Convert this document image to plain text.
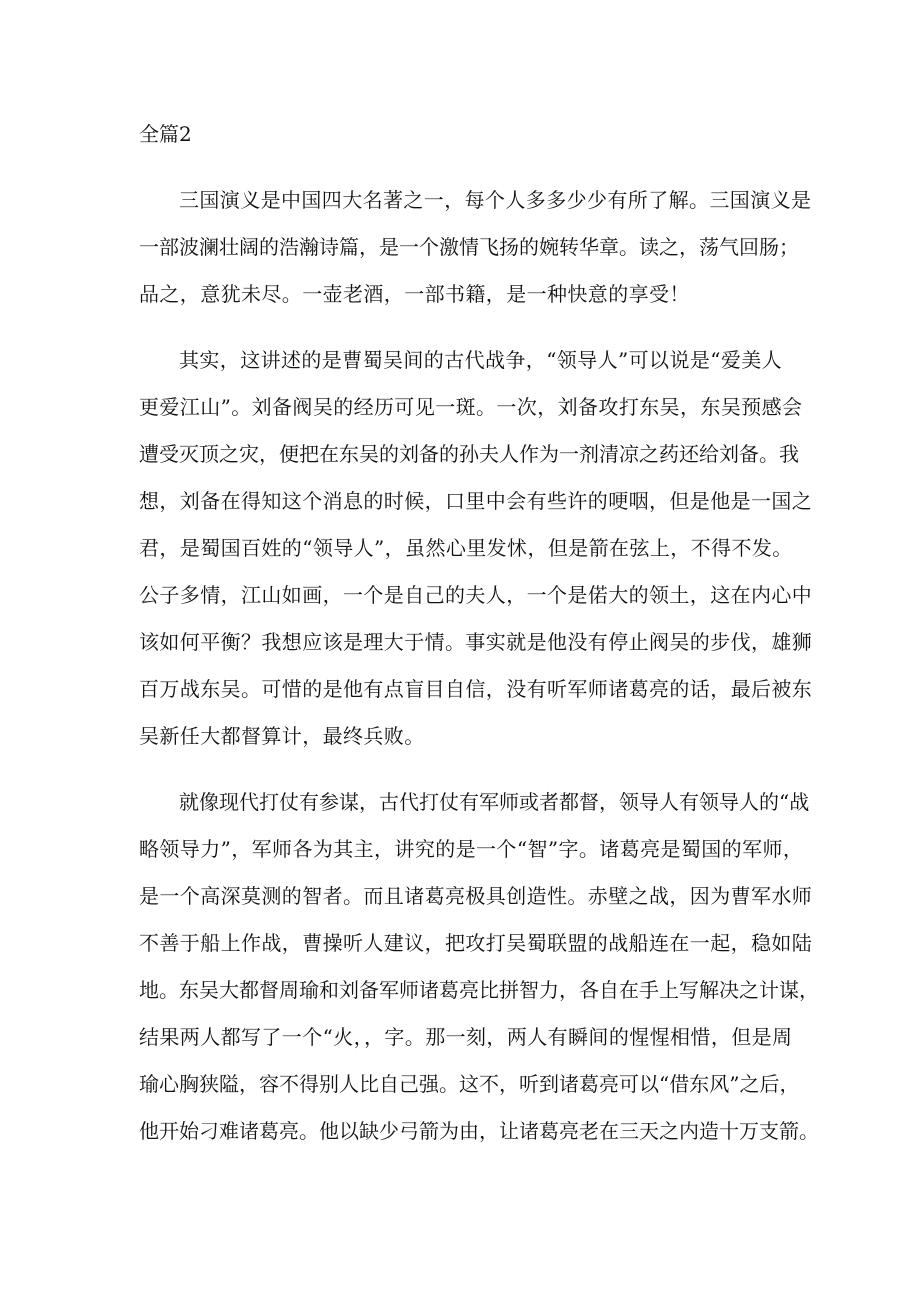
全篇2
三国演义是中国四大名著之一，每个人多多少少有所了解。三国演义是
一部波澜壮阔的浩瀚诗篇，是一个激情飞扬的婉转华章。读之，荡气回肠；
品之，意犹未尽。一壶老酒，一部书籍，是一种快意的享受！
其实，这讲述的是曹蜀吴间的古代战争，“领导人”可以说是“爱美人
更爱江山”。刘备阀吴的经历可见一斑。一次，刘备攻打东吴，东吴预感会
遭受灭顶之灾，便把在东吴的刘备的孙夫人作为一剂清凉之药还给刘备。我
想，刘备在得知这个消息的时候，口里中会有些许的哽咽，但是他是一国之
君，是蜀国百姓的“领导人”，虽然心里发怵，但是箭在弦上，不得不发。
公子多情，江山如画，一个是自己的夫人，一个是偌大的领土，这在内心中
该如何平衡？我想应该是理大于情。事实就是他没有停止阀吴的步伐，雄狮
百万战东吴。可惜的是他有点盲目自信，没有听军师诸葛亮的话，最后被东
吴新任大都督算计，最终兵败。
就像现代打仗有参谋，古代打仗有军师或者都督，领导人有领导人的“战
略领导力”，军师各为其主，讲究的是一个“智”字。诸葛亮是蜀国的军师，
是一个高深莫测的智者。而且诸葛亮极具创造性。赤壁之战，因为曹军水师
不善于船上作战，曹操听人建议，把攻打吴蜀联盟的战船连在一起，稳如陆
地。东吴大都督周瑜和刘备军师诸葛亮比拼智力，各自在手上写解决之计谋，
结果两人都写了一个“火，，字。那一刻，两人有瞬间的惺惺相惜，但是周
瑜心胸狭隘，容不得别人比自己强。这不，听到诸葛亮可以“借东风”之后，
他开始刁难诸葛亮。他以缺少弓箭为由，让诸葛亮老在三天之内造十万支箭。
